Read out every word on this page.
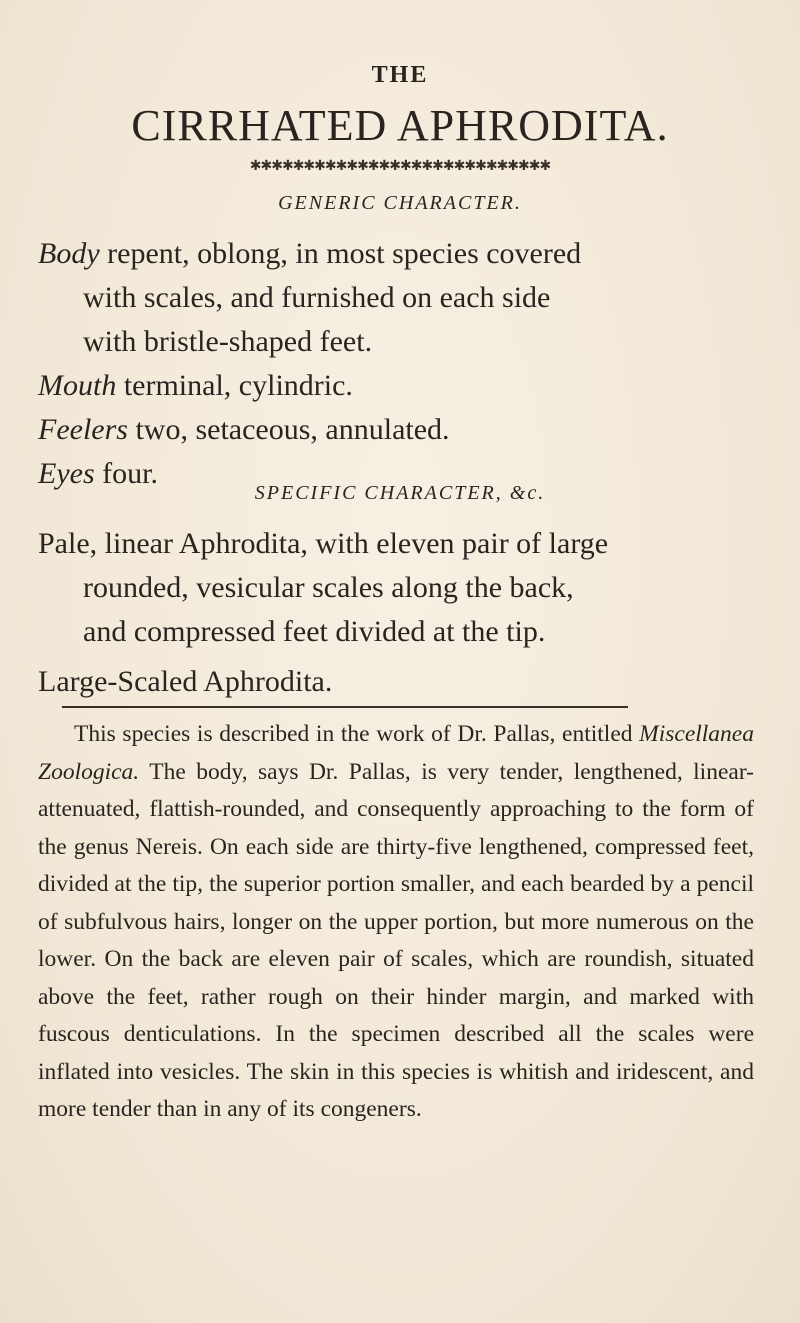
THE
CIRRHATED APHRODITA.
✱✱✱✱✱✱✱✱✱✱✱✱✱✱✱✱✱✱✱✱✱✱✱✱✱✱✱✱
GENERIC CHARACTER.
Body repent, oblong, in most species covered
with scales, and furnished on each side
with bristle-shaped feet.
Mouth terminal, cylindric.
Feelers two, setaceous, annulated.
Eyes four.
SPECIFIC CHARACTER, &c.
Pale, linear Aphrodita, with eleven pair of large
rounded, vesicular scales along the back,
and compressed feet divided at the tip.
Large-Scaled Aphrodita.
This species is described in the work of Dr. Pallas, entitled Miscellanea Zoologica. The body, says Dr. Pallas, is very tender, lengthened, linear-attenuated, flattish-rounded, and consequently approaching to the form of the genus Nereis. On each side are thirty-five lengthened, compressed feet, divided at the tip, the superior portion smaller, and each bearded by a pencil of subfulvous hairs, longer on the upper portion, but more numerous on the lower. On the back are eleven pair of scales, which are roundish, situated above the feet, rather rough on their hinder margin, and marked with fuscous denticulations. In the specimen described all the scales were inflated into vesicles. The skin in this species is whitish and iridescent, and more tender than in any of its congeners.
